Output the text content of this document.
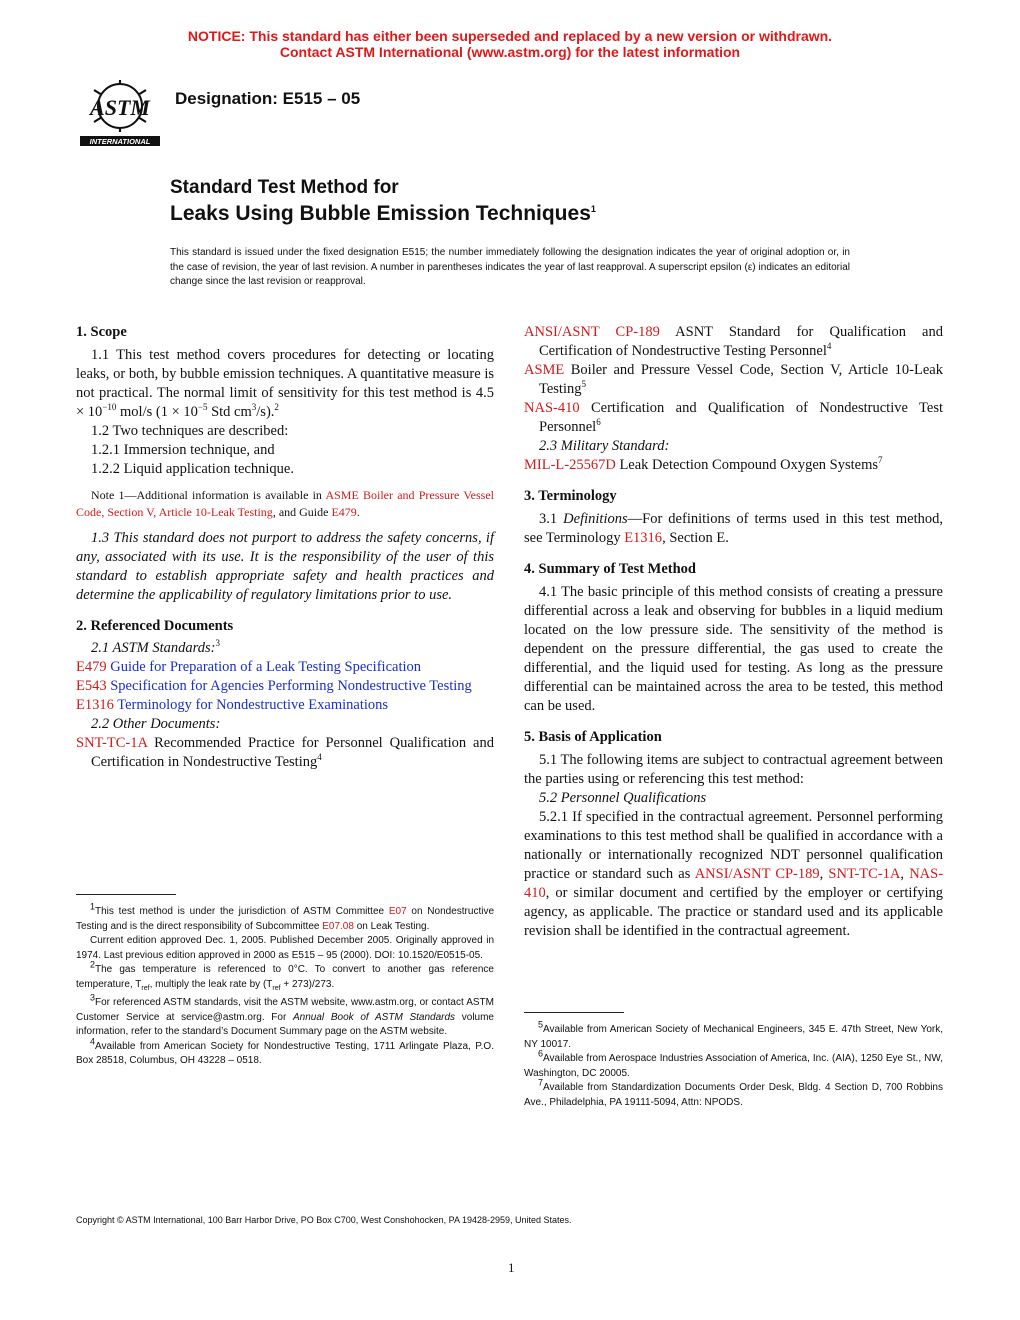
NOTICE: This standard has either been superseded and replaced by a new version or withdrawn.
Contact ASTM International (www.astm.org) for the latest information
ASTM
INTERNATIONAL
Designation: E515 – 05
Standard Test Method for
Leaks Using Bubble Emission Techniques$^1$
This standard is issued under the fixed designation E515; the number immediately following the designation indicates the year of original adoption or, in the case of revision, the year of last revision. A number in parentheses indicates the year of last reapproval. A superscript epsilon (ε) indicates an editorial change since the last revision or reapproval.

1. Scope

1.1 This test method covers procedures for detecting or locating leaks, or both, by bubble emission techniques. A quantitative measure is not practical. The normal limit of sensitivity for this test method is $4.5 \times 10^{-10}$ mol/s ($1 \times 10^{-5}$ Std $cm^3/s).^2$

1.2 Two techniques are described:

1.2.1 Immersion technique, and

1.2.2 Liquid application technique.

Note 1—Additional information is available in ASME Boiler and Pressure Vessel Code, Section V, Article 10-Leak Testing, and Guide E479.

1.3 This standard does not purport to address the safety concerns, if any, associated with its use. It is the responsibility of the user of this standard to establish appropriate safety and health practices and determine the applicability of regulatory limitations prior to use.

2. Referenced Documents

2.1 ASTM Standards:$^3$

E479 Guide for Preparation of a Leak Testing Specification

E543 Specification for Agencies Performing Nondestructive Testing

E1316 Terminology for Nondestructive Examinations

2.2 Other Documents:

SNT-TC-1A Recommended Practice for Personnel Qualification and Certification in Nondestructive Testing$^4$

ANSI/ASNT CP-189 ASNT Standard for Qualification and Certification of Nondestructive Testing Personnel$^4$

ASME Boiler and Pressure Vessel Code, Section V, Article 10-Leak Testing$^5$

NAS-410 Certification and Qualification of Nondestructive Test Personnel$^6$

2.3 Military Standard:

MIL-L-25567D Leak Detection Compound Oxygen Systems$^7$

3. Terminology

3.1 Definitions—For definitions of terms used in this test method, see Terminology E1316, Section E.

4. Summary of Test Method

4.1 The basic principle of this method consists of creating a pressure differential across a leak and observing for bubbles in a liquid medium located on the low pressure side. The sensitivity of the method is dependent on the pressure differential, the gas used to create the differential, and the liquid used for testing. As long as the pressure differential can be maintained across the area to be tested, this method can be used.

5. Basis of Application

5.1 The following items are subject to contractual agreement between the parties using or referencing this test method:

5.2 Personnel Qualifications

5.2.1 If specified in the contractual agreement. Personnel performing examinations to this test method shall be qualified in accordance with a nationally or internationally recognized NDT personnel qualification practice or standard such as ANSI/ASNT CP-189, SNT-TC-1A, NAS-410, or similar document and certified by the employer or certifying agency, as applicable. The practice or standard used and its applicable revision shall be identified in the contractual agreement.

$^1$This test method is under the jurisdiction of ASTM Committee E07 on Nondestructive Testing and is the direct responsibility of Subcommittee E07.08 on Leak Testing.

Current edition approved Dec. 1, 2005. Published December 2005. Originally approved in 1974. Last previous edition approved in 2000 as E515 – 95 (2000). DOI: 10.1520/E0515-05.

$^2$The gas temperature is referenced to 0°C. To convert to another gas reference temperature, $T_{ref}$, multiply the leak rate by $(T_{ref} + 273)/273$.

$^3$For referenced ASTM standards, visit the ASTM website, www.astm.org, or contact ASTM Customer Service at service@astm.org. For Annual Book of ASTM Standards volume information, refer to the standard’s Document Summary page on the ASTM website.

$^4$Available from American Society for Nondestructive Testing, 1711 Arlingate Plaza, P.O. Box 28518, Columbus, OH 43228 – 0518.

$^5$Available from American Society of Mechanical Engineers, 345 E. 47th Street, New York, NY 10017.

$^6$Available from Aerospace Industries Association of America, Inc. (AIA), 1250 Eye St., NW, Washington, DC 20005.

$^7$Available from Standardization Documents Order Desk, Bldg. 4 Section D, 700 Robbins Ave., Philadelphia, PA 19111-5094, Attn: NPODS.

Copyright © ASTM International, 100 Barr Harbor Drive, PO Box C700, West Conshohocken, PA 19428-2959, United States.
1
